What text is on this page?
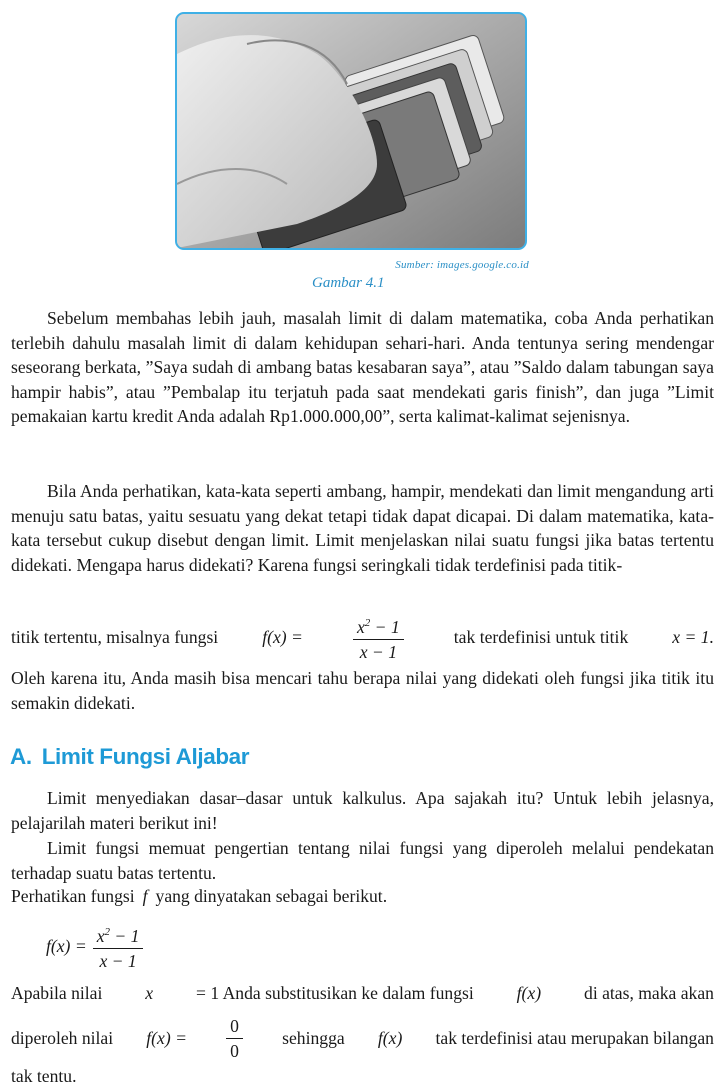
Sumber: images.google.co.id
Gambar 4.1

Sebelum membahas lebih jauh, masalah limit di dalam matematika, coba Anda perhatikan terlebih dahulu masalah limit di dalam kehidupan sehari-hari. Anda tentunya sering mendengar seseorang berkata, ”Saya sudah di ambang batas kesabaran saya”, atau ”Saldo dalam tabungan saya hampir habis”, atau ”Pembalap itu terjatuh pada saat mendekati garis finish”, dan juga ”Limit pemakaian kartu kredit Anda adalah Rp1.000.000,00”, serta kalimat-kalimat sejenisnya.

Bila Anda perhatikan, kata-kata seperti ambang, hampir, mendekati dan limit mengandung arti menuju satu batas, yaitu sesuatu yang dekat tetapi tidak dapat dicapai. Di dalam matematika, kata-kata tersebut cukup disebut dengan limit. Limit menjelaskan nilai suatu fungsi jika batas tertentu didekati. Mengapa harus didekati? Karena fungsi seringkali tidak terdefinisi pada titik-

titik tertentu, misalnya fungsi	f(x) =	$\frac{x^2 - 1}{x - 1}$	tak terdefinisi untuk titik	x = 1.

Oleh karena itu, Anda masih bisa mencari tahu berapa nilai yang didekati oleh fungsi jika titik itu semakin didekati.

A. Limit Fungsi Aljabar

Limit menyediakan dasar–dasar untuk kalkulus. Apa sajakah itu? Untuk lebih jelasnya, pelajarilah materi berikut ini!

Limit fungsi memuat pengertian tentang nilai fungsi yang diperoleh melalui pendekatan terhadap suatu batas tertentu.

Perhatikan fungsi f yang dinyatakan sebagai berikut.
$f(x) = \frac{x^2 - 1}{x - 1}$
Apabila nilai x = 1 Anda substitusikan ke dalam fungsi f(x) di atas, maka akan
diperoleh nilai $f(x) = \frac{0}{0}$ sehingga f(x) tak terdefinisi atau merupakan bilangan

tak tentu.
